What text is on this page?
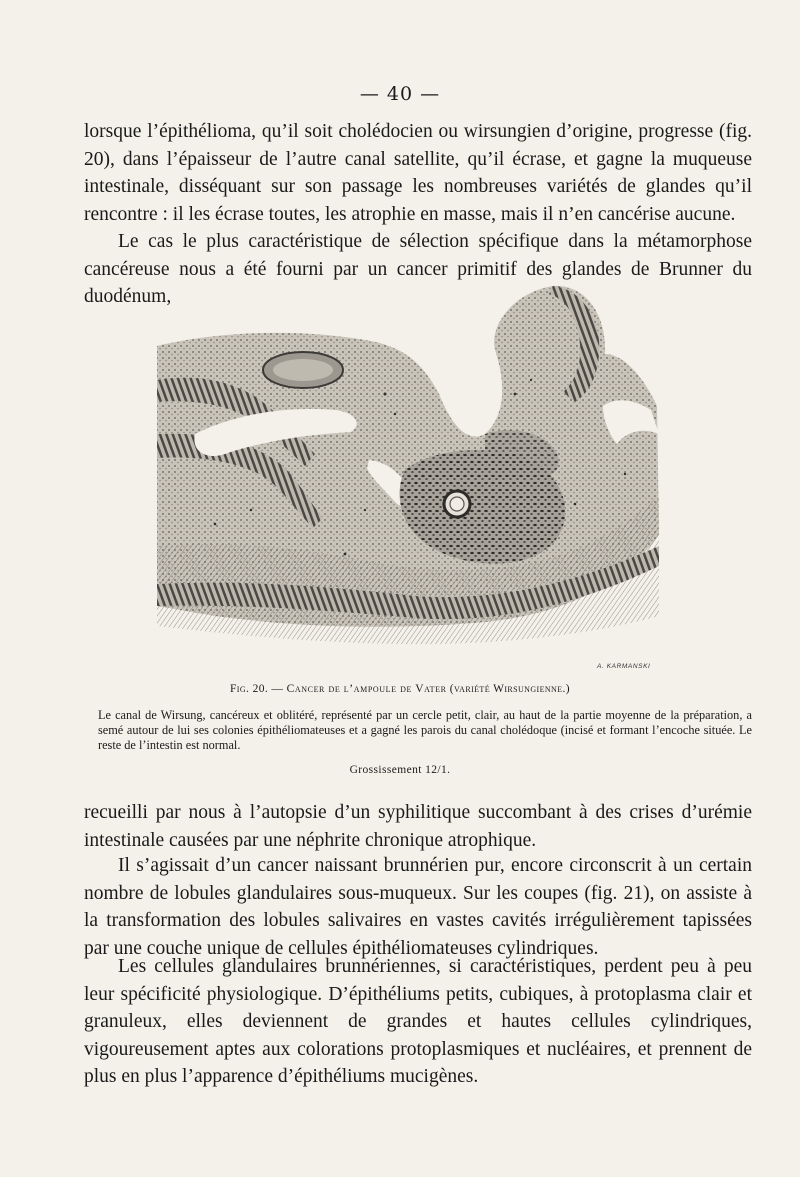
— 40 —

lorsque l’épithélioma, qu’il soit cholédocien ou wirsungien d’origine, progresse (fig. 20), dans l’épaisseur de l’autre canal satellite, qu’il écrase, et gagne la muqueuse intestinale, disséquant sur son passage les nombreuses variétés de glandes qu’il rencontre : il les écrase toutes, les atrophie en masse, mais il n’en cancérise aucune.

Le cas le plus caractéristique de sélection spécifique dans la métamorphose cancéreuse nous a été fourni par un cancer primitif des glandes de Brunner du duodénum,

A. KARMANSKI
Fig. 20. — Cancer de l’ampoule de Vater (variété Wirsungienne.)

Le canal de Wirsung, cancéreux et oblitéré, représenté par un cercle petit, clair, au haut de la partie moyenne de la préparation, a semé autour de lui ses colonies épithéliomateuses et a gagné les parois du canal cholédoque (incisé et formant l’encoche située. Le reste de l’intestin est normal.

Grossissement 12/1.

recueilli par nous à l’autopsie d’un syphilitique succombant à des crises d’urémie intestinale causées par une néphrite chronique atrophique.

Il s’agissait d’un cancer naissant brunnérien pur, encore circonscrit à un certain nombre de lobules glandulaires sous-muqueux. Sur les coupes (fig. 21), on assiste à la transformation des lobules salivaires en vastes cavités irrégulièrement tapissées par une couche unique de cellules épithéliomateuses cylindriques.

Les cellules glandulaires brunnériennes, si caractéristiques, perdent peu à peu leur spécificité physiologique. D’épithéliums petits, cubiques, à protoplasma clair et granuleux, elles deviennent de grandes et hautes cellules cylindriques, vigoureusement aptes aux colorations protoplasmiques et nucléaires, et prennent de plus en plus l’apparence d’épithéliums mucigènes.
